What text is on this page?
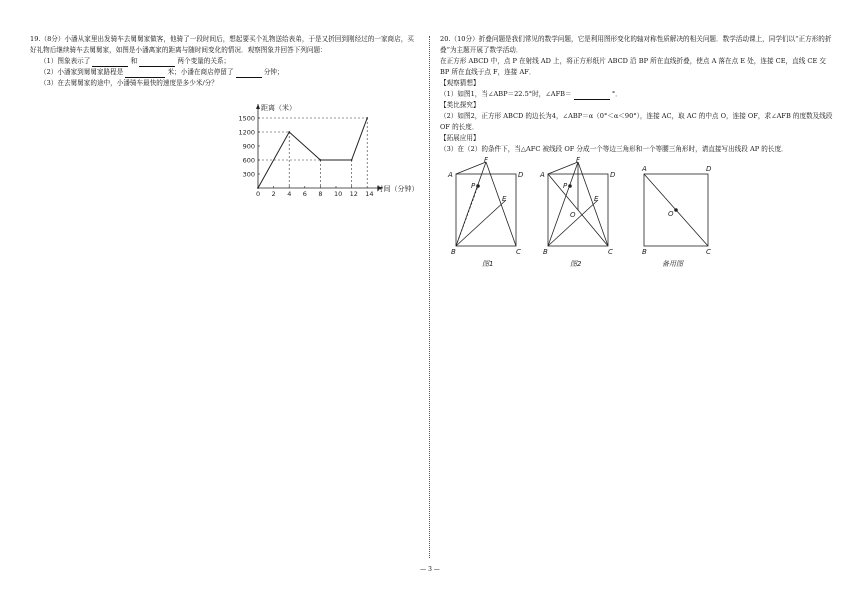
19.（8分）小潘从家里出发骑车去舅舅家做客，他骑了一段时间后，想起要买个礼物送给表弟，于是又折回到刚经过的一家商店，买好礼物后继续骑车去舅舅家，如图是小潘离家的距离与随时间变化的情况．观察图象并回答下列问题：

（1）图象表示了	和	两个变量的关系；

（2）小潘家到舅舅家路程是	米；小潘在商店停留了	分钟；

（3）在去舅舅家的途中，小潘骑车最快的速度是多少米/分？

距离（米）
时间（分钟）
0 2 4 6 8 10 12 14
300
600
900
1200
1500

20.（10分）折叠问题是我们常见的数学问题，它是利用图形变化的轴对称性质解决的相关问题．数学活动课上，同学们以“正方形的折叠”为主题开展了数学活动．

在正方形 ABCD 中，点 P 在射线 AD 上，将正方形纸片 ABCD 沿 BP 所在直线折叠，使点 A 落在点 E 处，连接 CE，直线 CE 交 BP 所在直线于点 F，连接 AF．

【观察猜想】

（1）如图1，当∠ABP＝22.5°时，∠AFB＝	°．

【类比探究】

（2）如图2，正方形 ABCD 的边长为4，∠ABP＝α（0°＜α＜90°），连接 AC，取 AC 的中点 O，连接 OF，求∠AFB 的度数及线段 OF 的长度．

【拓展应用】

（3）在（2）的条件下，当△AFC 被线段 OF 分成一个等边三角形和一个等腰三角形时，请直接写出线段 AP 的长度．

A	D
B	C
F
P
E
图1
A	D
B	C
F
P
E
O
图2
A	D
B	C
O
备用图
— 3 —
